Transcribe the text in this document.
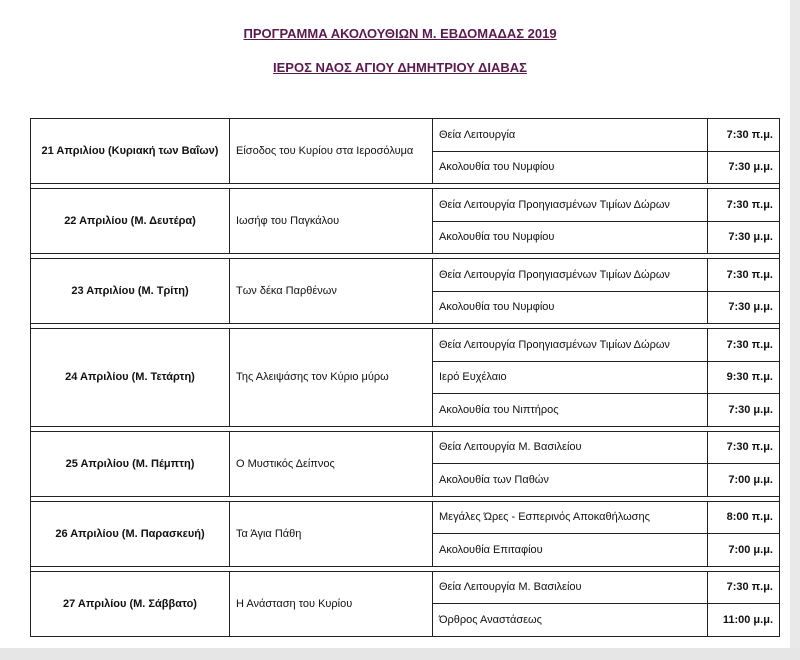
ΠΡΟΓΡΑΜΜΑ ΑΚΟΛΟΥΘΙΩΝ Μ. ΕΒΔΟΜΑΔΑΣ 2019
ΙΕΡΟΣ ΝΑΟΣ ΑΓΙΟΥ ΔΗΜΗΤΡΙΟΥ ΔΙΑΒΑΣ
21 Απριλίου (Κυριακή των Βαΐων)	Είσοδος του Κυρίου στα Ιεροσόλυμα	Θεία Λειτουργία	7:30 π.μ.
		Ακολουθία του Νυμφίου	7:30 μ.μ.

22 Απριλίου (Μ. Δευτέρα)	Ιωσήφ του Παγκάλου	Θεία Λειτουργία Προηγιασμένων Τιμίων Δώρων	7:30 π.μ.
		Ακολουθία του Νυμφίου	7:30 μ.μ.

23 Απριλίου (Μ. Τρίτη)	Των δέκα Παρθένων	Θεία Λειτουργία Προηγιασμένων Τιμίων Δώρων	7:30 π.μ.
		Ακολουθία του Νυμφίου	7:30 μ.μ.

24 Απριλίου (Μ. Τετάρτη)	Της Αλειψάσης τον Κύριο μύρω	Θεία Λειτουργία Προηγιασμένων Τιμίων Δώρων	7:30 π.μ.
		Ιερό Ευχέλαιο	9:30 π.μ.
		Ακολουθία του Νιπτήρος	7:30 μ.μ.

25 Απριλίου (Μ. Πέμπτη)	Ο Μυστικός Δείπνος	Θεία Λειτουργία Μ. Βασιλείου	7:30 π.μ.
		Ακολουθία των Παθών	7:00 μ.μ.

26 Απριλίου (Μ. Παρασκευή)	Τα Άγια Πάθη	Μεγάλες Ώρες - Εσπερινός Αποκαθήλωσης	8:00 π.μ.
		Ακολουθία Επιταφίου	7:00 μ.μ.

27 Απριλίου (Μ. Σάββατο)	Η Ανάσταση του Κυρίου	Θεία Λειτουργία Μ. Βασιλείου	7:30 π.μ.
		Όρθρος Αναστάσεως	11:00 μ.μ.
